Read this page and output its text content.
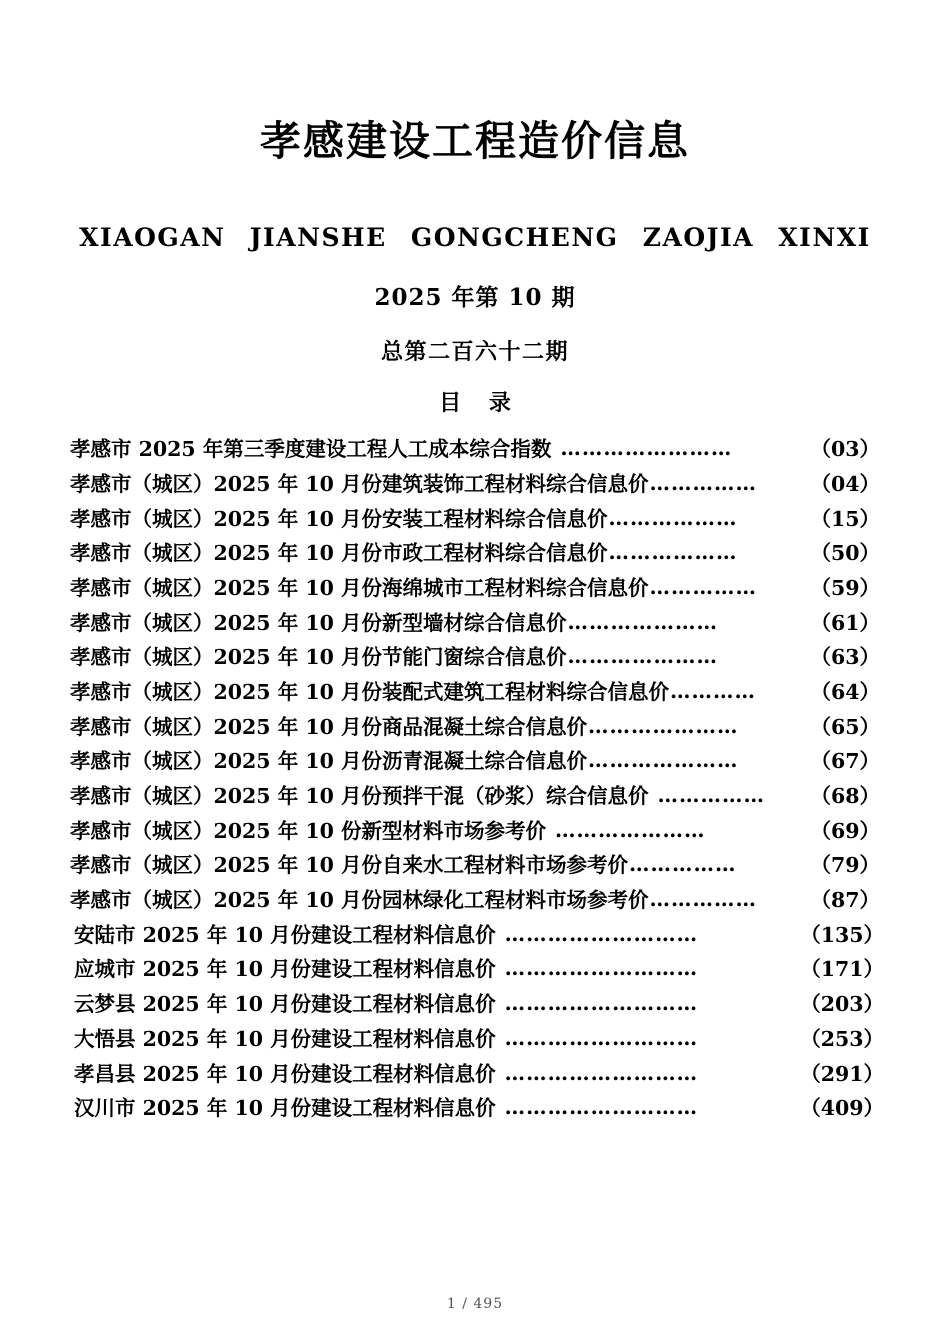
孝感建设工程造价信息
XIAOGAN JIANSHE GONGCHENG ZAOJIA XINXI
2025 年第 10 期
总第二百六十二期
目 录
孝感市 2025 年第三季度建设工程人工成本综合指数 ……………………	（03）
孝感市（城区）2025 年 10 月份建筑装饰工程材料综合信息价 ……………	（04）
孝感市（城区）2025 年 10 月份安装工程材料综合信息价 ………………	（15）
孝感市（城区）2025 年 10 月份市政工程材料综合信息价 ………………	（50）
孝感市（城区）2025 年 10 月份海绵城市工程材料综合信息价 ……………	（59）
孝感市（城区）2025 年 10 月份新型墙材综合信息价 …………………	（61）
孝感市（城区）2025 年 10 月份节能门窗综合信息价 …………………	（63）
孝感市（城区）2025 年 10 月份装配式建筑工程材料综合信息价 …………	（64）
孝感市（城区）2025 年 10 月份商品混凝土综合信息价 …………………	（65）
孝感市（城区）2025 年 10 月份沥青混凝土综合信息价 …………………	（67）
孝感市（城区）2025 年 10 月份预拌干混（砂浆）综合信息价 ……………	（68）
孝感市（城区）2025 年 10 份新型材料市场参考价 …………………	（69）
孝感市（城区）2025 年 10 月份自来水工程材料市场参考价 ……………	（79）
孝感市（城区）2025 年 10 月份园林绿化工程材料市场参考价 ……………	（87）
安陆市 2025 年 10 月份建设工程材料信息价 ………………………	（135）
应城市 2025 年 10 月份建设工程材料信息价 ………………………	（171）
云梦县 2025 年 10 月份建设工程材料信息价 ………………………	（203）
大悟县 2025 年 10 月份建设工程材料信息价 ………………………	（253）
孝昌县 2025 年 10 月份建设工程材料信息价 ………………………	（291）
汉川市 2025 年 10 月份建设工程材料信息价 ………………………	（409）
1 / 495
